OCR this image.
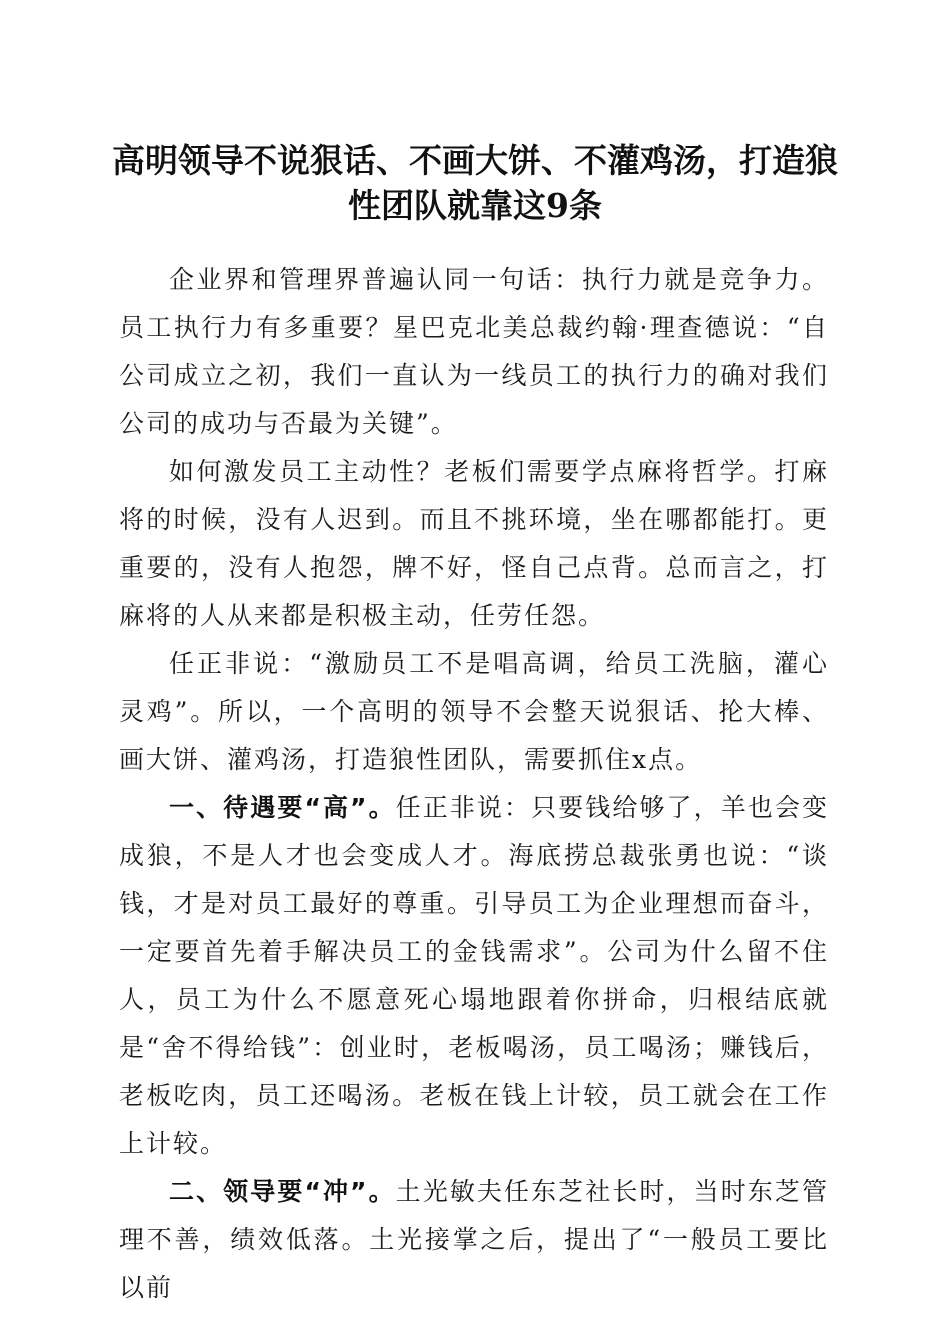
高明领导不说狠话、不画大饼、不灌鸡汤，打造狼性团队就靠这9条

企业界和管理界普遍认同一句话：执行力就是竞争力。员工执行力有多重要？星巴克北美总裁约翰·理查德说：“自公司成立之初，我们一直认为一线员工的执行力的确对我们公司的成功与否最为关键”。

如何激发员工主动性？老板们需要学点麻将哲学。打麻将的时候，没有人迟到。而且不挑环境，坐在哪都能打。更重要的，没有人抱怨，牌不好，怪自己点背。总而言之，打麻将的人从来都是积极主动，任劳任怨。

任正非说：“激励员工不是唱高调，给员工洗脑，灌心灵鸡”。所以，一个高明的领导不会整天说狠话、抡大棒、画大饼、灌鸡汤，打造狼性团队，需要抓住x点。

一、待遇要“高”。任正非说：只要钱给够了，羊也会变成狼，不是人才也会变成人才。海底捞总裁张勇也说：“谈钱，才是对员工最好的尊重。引导员工为企业理想而奋斗，一定要首先着手解决员工的金钱需求”。公司为什么留不住人，员工为什么不愿意死心塌地跟着你拼命，归根结底就是“舍不得给钱”：创业时，老板喝汤，员工喝汤；赚钱后，老板吃肉，员工还喝汤。老板在钱上计较，员工就会在工作上计较。

二、领导要“冲”。土光敏夫任东芝社长时，当时东芝管理不善，绩效低落。土光接掌之后，提出了“一般员工要比以前
